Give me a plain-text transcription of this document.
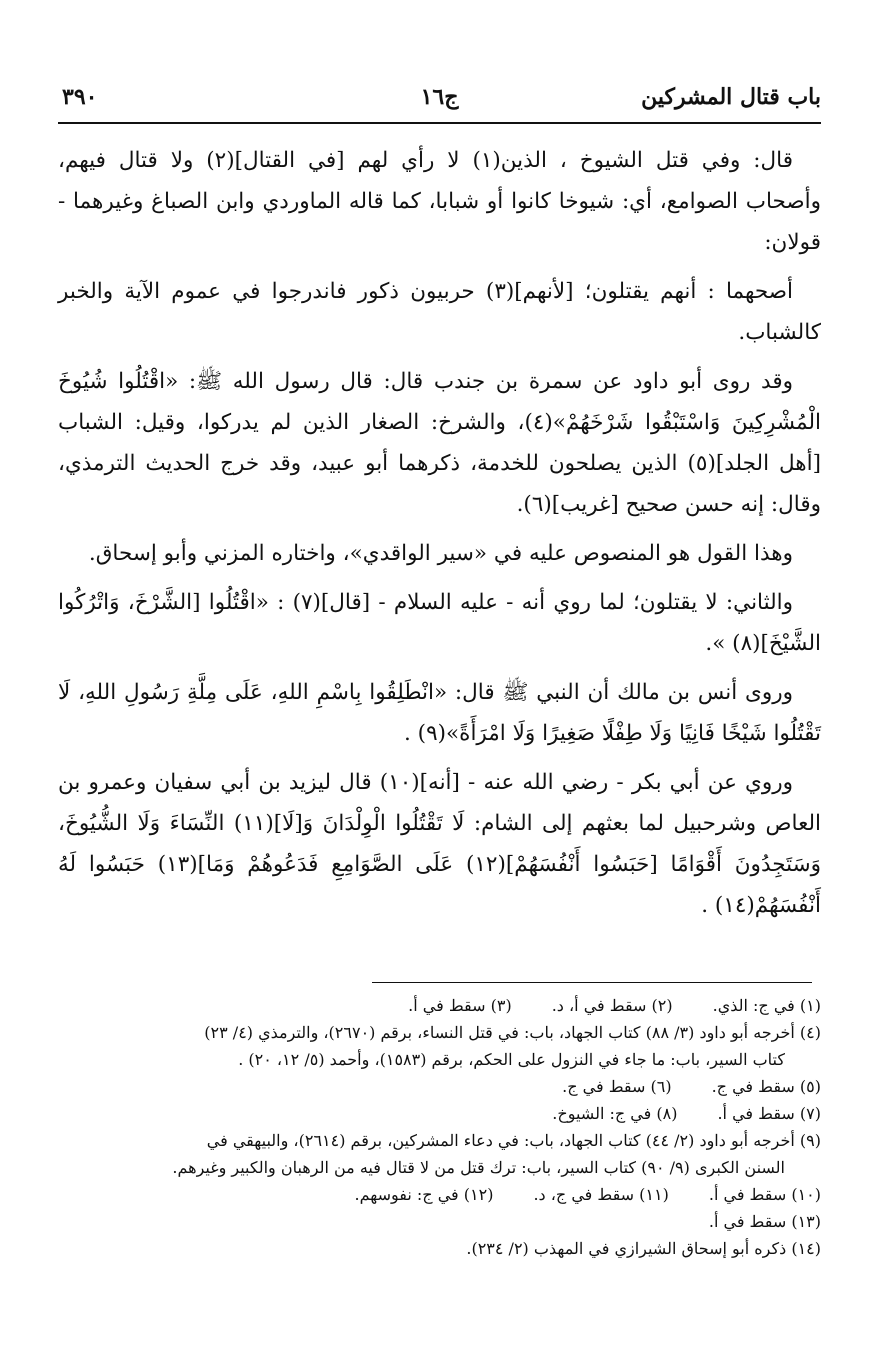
باب قتال المشركين
ج١٦
٣٩٠

قال: وفي قتل الشيوخ ، الذين(١) لا رأي لهم [في القتال](٢) ولا قتال فيهم، وأصحاب الصوامع، أي: شيوخا كانوا أو شبابا، كما قاله الماوردي وابن الصباغ وغيرهما - قولان:

أصحهما : أنهم يقتلون؛ [لأنهم](٣) حربيون ذكور فاندرجوا في عموم الآية والخبر كالشباب.

وقد روى أبو داود عن سمرة بن جندب قال: قال رسول الله ﷺ: «اقْتُلُوا شُيُوخَ الْمُشْرِكِينَ وَاسْتَبْقُوا شَرْخَهُمْ»(٤)، والشرخ: الصغار الذين لم يدركوا، وقيل: الشباب [أهل الجلد](٥) الذين يصلحون للخدمة، ذكرهما أبو عبيد، وقد خرج الحديث الترمذي، وقال: إنه حسن صحيح [غريب](٦).

وهذا القول هو المنصوص عليه في «سير الواقدي»، واختاره المزني وأبو إسحاق.

والثاني: لا يقتلون؛ لما روي أنه - عليه السلام - [قال](٧) : «اقْتُلُوا [الشَّرْخَ، وَاتْرُكُوا الشَّيْخَ](٨) ».

وروى أنس بن مالك أن النبي ﷺ قال: «انْطَلِقُوا بِاسْمِ اللهِ، عَلَى مِلَّةِ رَسُولِ اللهِ، لَا تَقْتُلُوا شَيْخًا فَانِيًا وَلَا طِفْلًا صَغِيرًا وَلَا امْرَأَةً»(٩) .

وروي عن أبي بكر - رضي الله عنه - [أنه](١٠) قال ليزيد بن أبي سفيان وعمرو بن العاص وشرحبيل لما بعثهم إلى الشام: لَا تَقْتُلُوا الْوِلْدَانَ وَ[لَا](١١) النِّسَاءَ وَلَا الشُّيُوخَ، وَسَتَجِدُونَ أَقْوَامًا [حَبَسُوا أَنْفُسَهُمْ](١٢) عَلَى الصَّوَامِعِ فَدَعُوهُمْ وَمَا](١٣) حَبَسُوا لَهُ أَنْفُسَهُمْ(١٤) .

(١) في ج: الذي.
(٢) سقط في أ، د.
(٣) سقط في أ.

(٤) أخرجه أبو داود (٣/ ٨٨) كتاب الجهاد، باب: في قتل النساء، برقم (٢٦٧٠)، والترمذي (٤/ ٢٣)

كتاب السير، باب: ما جاء في النزول على الحكم، برقم (١٥٨٣)، وأحمد (٥/ ١٢، ٢٠) .

(٥) سقط في ج.
(٦) سقط في ج.
(٧) سقط في أ.
(٨) في ج: الشيوخ.

(٩) أخرجه أبو داود (٢/ ٤٤) كتاب الجهاد، باب: في دعاء المشركين، برقم (٢٦١٤)، والبيهقي في

السنن الكبرى (٩/ ٩٠) كتاب السير، باب: ترك قتل من لا قتال فيه من الرهبان والكبير وغيرهم.

(١٠) سقط في أ.
(١١) سقط في ج، د.
(١٢) في ج: نفوسهم.

(١٣) سقط في أ.

(١٤) ذكره أبو إسحاق الشيرازي في المهذب (٢/ ٢٣٤).
